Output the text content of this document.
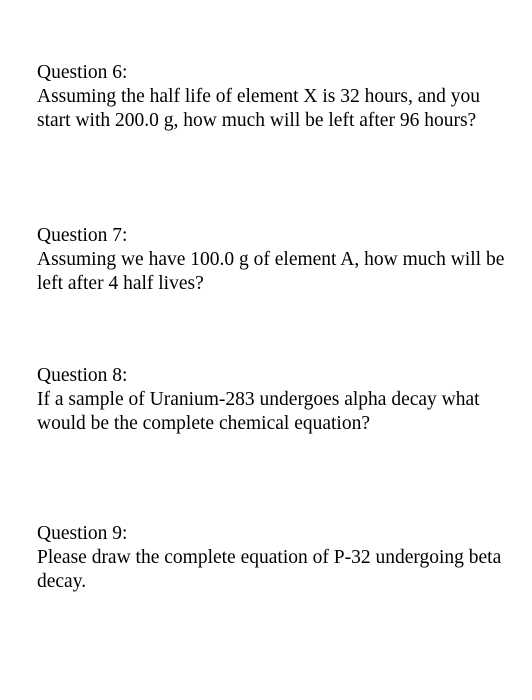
Question 6:
Assuming the half life of element X is 32 hours, and you start with 200.0 g, how much will be left after 96 hours?
Question 7:
Assuming we have 100.0 g of element A, how much will be left after 4 half lives?
Question 8:
If a sample of Uranium-283 undergoes alpha decay what would be the complete chemical equation?
Question 9:
Please draw the complete equation of P-32 undergoing beta decay.
